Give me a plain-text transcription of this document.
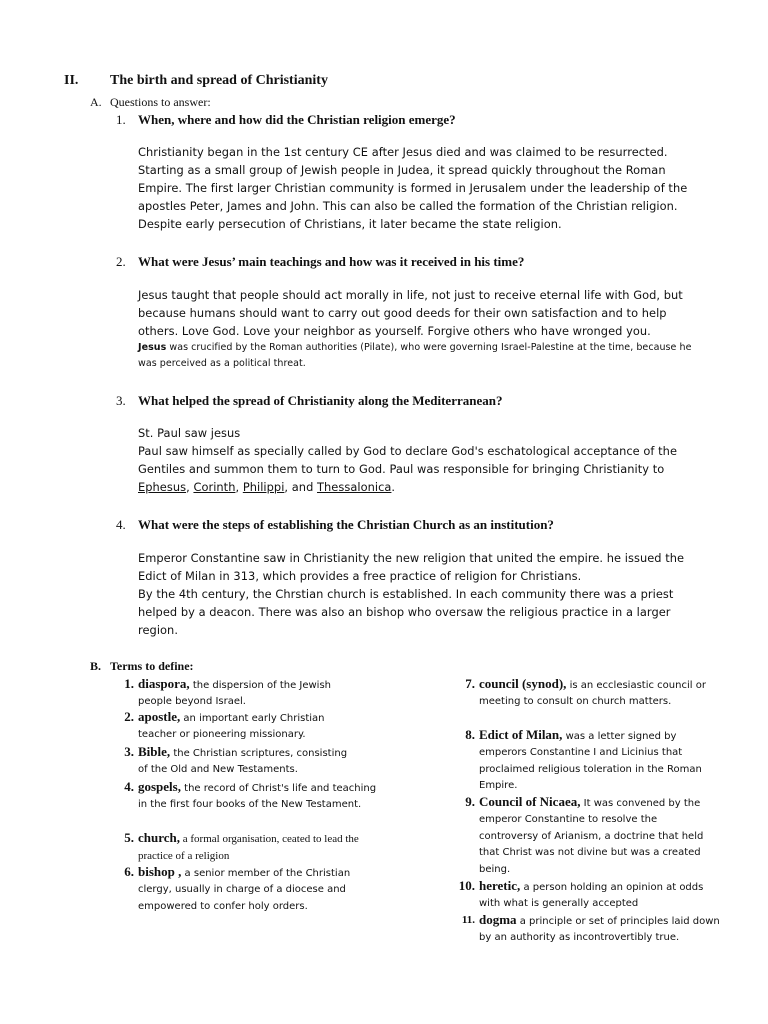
II. The birth and spread of Christianity
A. Questions to answer:
1. When, where and how did the Christian religion emerge?

Christianity began in the 1st century CE after Jesus died and was claimed to be resurrected. Starting as a small group of Jewish people in Judea, it spread quickly throughout the Roman Empire. The first larger Christian community is formed in Jerusalem under the leadership of the apostles Peter, James and John. This can also be called the formation of the Christian religion. Despite early persecution of Christians, it later became the state religion.

2. What were Jesus’ main teachings and how was it received in his time?

Jesus taught that people should act morally in life, not just to receive eternal life with God, but because humans should want to carry out good deeds for their own satisfaction and to help others. Love God. Love your neighbor as yourself. Forgive others who have wronged you.

Jesus was crucified by the Roman authorities (Pilate), who were governing Israel-Palestine at the time, because he was perceived as a political threat.

3. What helped the spread of Christianity along the Mediterranean?

St. Paul saw jesus

Paul saw himself as specially called by God to declare God's eschatological acceptance of the Gentiles and summon them to turn to God. Paul was responsible for bringing Christianity to Ephesus, Corinth, Philippi, and Thessalonica.

4. What were the steps of establishing the Christian Church as an institution?

Emperor Constantine saw in Christianity the new religion that united the empire. he issued the Edict of Milan in 313, which provides a free practice of religion for Christians.

By the 4th century, the Chrstian church is established. In each community there was a priest helped by a deacon. There was also an bishop who oversaw the religious practice in a larger region.

B. Terms to define:
1. diaspora, the dispersion of the Jewish people beyond Israel.
2. apostle, an important early Christian teacher or pioneering missionary.
3. Bible, the Christian scriptures, consisting of the Old and New Testaments.
4. gospels, the record of Christ's life and teaching in the first four books of the New Testament.
5. church, a formal organisation, ceated to lead the practice of a religion
6. bishop , a senior member of the Christian clergy, usually in charge of a diocese and empowered to confer holy orders.
7. council (synod), is an ecclesiastic council or meeting to consult on church matters.
8. Edict of Milan, was a letter signed by emperors Constantine I and Licinius that proclaimed religious toleration in the Roman Empire.
9. Council of Nicaea, It was convened by the emperor Constantine to resolve the controversy of Arianism, a doctrine that held that Christ was not divine but was a created being.
10. heretic, a person holding an opinion at odds with what is generally accepted
11. dogma a principle or set of principles laid down by an authority as incontrovertibly true.
